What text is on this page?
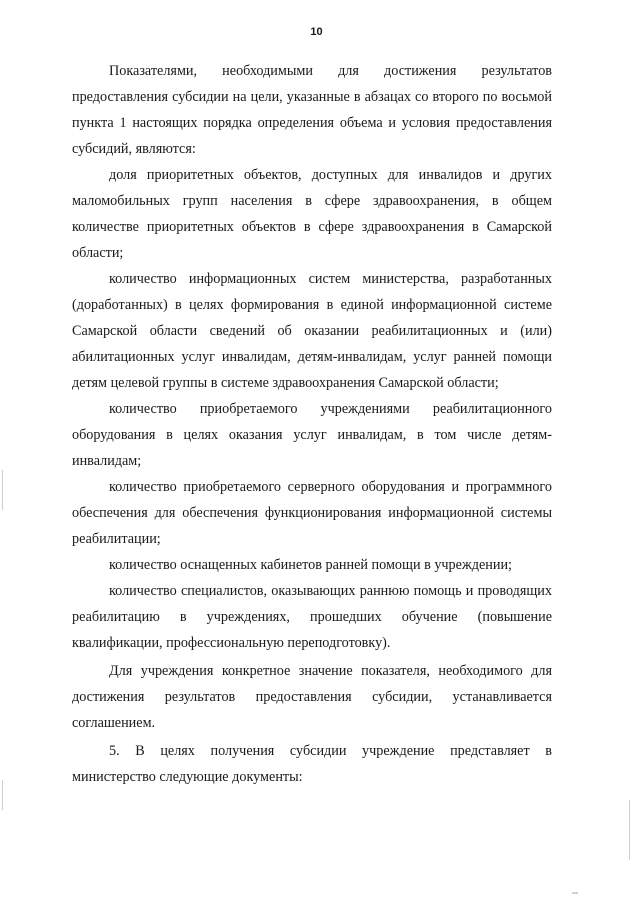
10

Показателями, необходимыми для достижения результатов предоставления субсидии на цели, указанные в абзацах со второго по восьмой пункта 1 настоящих порядка определения объема и условия предоставления субсидий, являются:

доля приоритетных объектов, доступных для инвалидов и других маломобильных групп населения в сфере здравоохранения, в общем количестве приоритетных объектов в сфере здравоохранения в Самарской области;

количество информационных систем министерства, разработанных (доработанных) в целях формирования в единой информационной системе Самарской области сведений об оказании реабилитационных и (или) абилитационных услуг инвалидам, детям-инвалидам, услуг ранней помощи детям целевой группы в системе здравоохранения Самарской области;

количество приобретаемого учреждениями реабилитационного оборудования в целях оказания услуг инвалидам, в том числе детям-инвалидам;

количество приобретаемого серверного оборудования и программного обеспечения для обеспечения функционирования информационной системы реабилитации;

количество оснащенных кабинетов ранней помощи в учреждении;

количество специалистов, оказывающих раннюю помощь и проводящих реабилитацию в учреждениях, прошедших обучение (повышение квалификации, профессиональную переподготовку).

Для учреждения конкретное значение показателя, необходимого для достижения результатов предоставления субсидии, устанавливается соглашением.

5. В целях получения субсидии учреждение представляет в министерство следующие документы:
